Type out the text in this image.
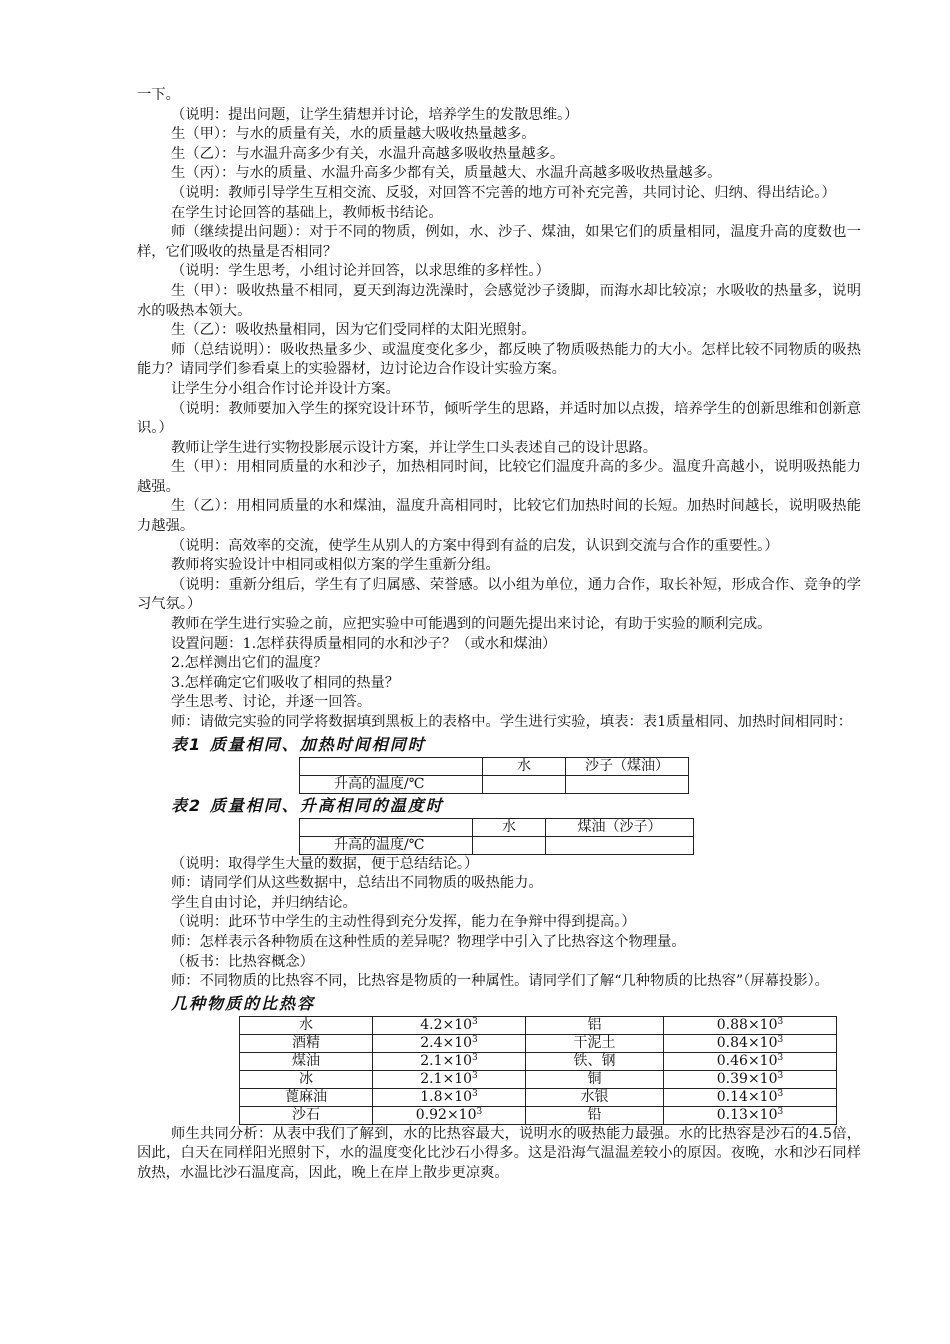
一下。

（说明：提出问题，让学生猜想并讨论，培养学生的发散思维。）

生（甲）：与水的质量有关，水的质量越大吸收热量越多。

生（乙）：与水温升高多少有关，水温升高越多吸收热量越多。

生（丙）：与水的质量、水温升高多少都有关，质量越大、水温升高越多吸收热量越多。

（说明：教师引导学生互相交流、反驳，对回答不完善的地方可补充完善，共同讨论、归纳、得出结论。）

在学生讨论回答的基础上，教师板书结论。

师（继续提出问题）：对于不同的物质，例如，水、沙子、煤油，如果它们的质量相同，温度升高的度数也一样，它们吸收的热量是否相同？

（说明：学生思考，小组讨论并回答，以求思维的多样性。）

生（甲）：吸收热量不相同，夏天到海边洗澡时，会感觉沙子烫脚，而海水却比较凉；水吸收的热量多，说明水的吸热本领大。

生（乙）：吸收热量相同，因为它们受同样的太阳光照射。

师（总结说明）：吸收热量多少、或温度变化多少，都反映了物质吸热能力的大小。怎样比较不同物质的吸热能力？请同学们参看桌上的实验器材，边讨论边合作设计实验方案。

让学生分小组合作讨论并设计方案。

（说明：教师要加入学生的探究设计环节，倾听学生的思路，并适时加以点拨，培养学生的创新思维和创新意识。）

教师让学生进行实物投影展示设计方案，并让学生口头表述自己的设计思路。

生（甲）：用相同质量的水和沙子，加热相同时间，比较它们温度升高的多少。温度升高越小，说明吸热能力越强。

生（乙）：用相同质量的水和煤油，温度升高相同时，比较它们加热时间的长短。加热时间越长，说明吸热能力越强。

（说明：高效率的交流，使学生从别人的方案中得到有益的启发，认识到交流与合作的重要性。）

教师将实验设计中相同或相似方案的学生重新分组。

（说明：重新分组后，学生有了归属感、荣誉感。以小组为单位，通力合作，取长补短，形成合作、竞争的学习气氛。）

教师在学生进行实验之前，应把实验中可能遇到的问题先提出来讨论，有助于实验的顺利完成。

设置问题：1.怎样获得质量相同的水和沙子？（或水和煤油）

2.怎样测出它们的温度？

3.怎样确定它们吸收了相同的热量？

学生思考、讨论，并逐一回答。

师：请做完实验的同学将数据填到黑板上的表格中。学生进行实验，填表：表1质量相同、加热时间相同时：

表1 质量相同、加热时间相同时
	水	沙子（煤油）
升高的温度/℃		
表2 质量相同、升高相同的温度时
	水	煤油（沙子）
升高的温度/℃		

（说明：取得学生大量的数据，便于总结结论。）

师：请同学们从这些数据中，总结出不同物质的吸热能力。

学生自由讨论，并归纳结论。

（说明：此环节中学生的主动性得到充分发挥，能力在争辩中得到提高。）

师：怎样表示各种物质在这种性质的差异呢？物理学中引入了比热容这个物理量。

（板书：比热容概念）

师：不同物质的比热容不同，比热容是物质的一种属性。请同学们了解“几种物质的比热容”（屏幕投影）。

几种物质的比热容
水	$4.2\times 10^3$	铝	$0.88\times 10^3$
酒精	$2.4\times 10^3$	干泥土	$0.84\times 10^3$
煤油	$2.1\times 10^3$	铁、钢	$0.46\times 10^3$
冰	$2.1\times 10^3$	铜	$0.39\times 10^3$
蓖麻油	$1.8\times 10^3$	水银	$0.14\times 10^3$
沙石	$0.92\times 10^3$	铅	$0.13\times 10^3$

师生共同分析：从表中我们了解到，水的比热容最大，说明水的吸热能力最强。水的比热容是沙石的4.5倍，因此，白天在同样阳光照射下，水的温度变化比沙石小得多。这是沿海气温温差较小的原因。夜晚，水和沙石同样放热，水温比沙石温度高，因此，晚上在岸上散步更凉爽。
